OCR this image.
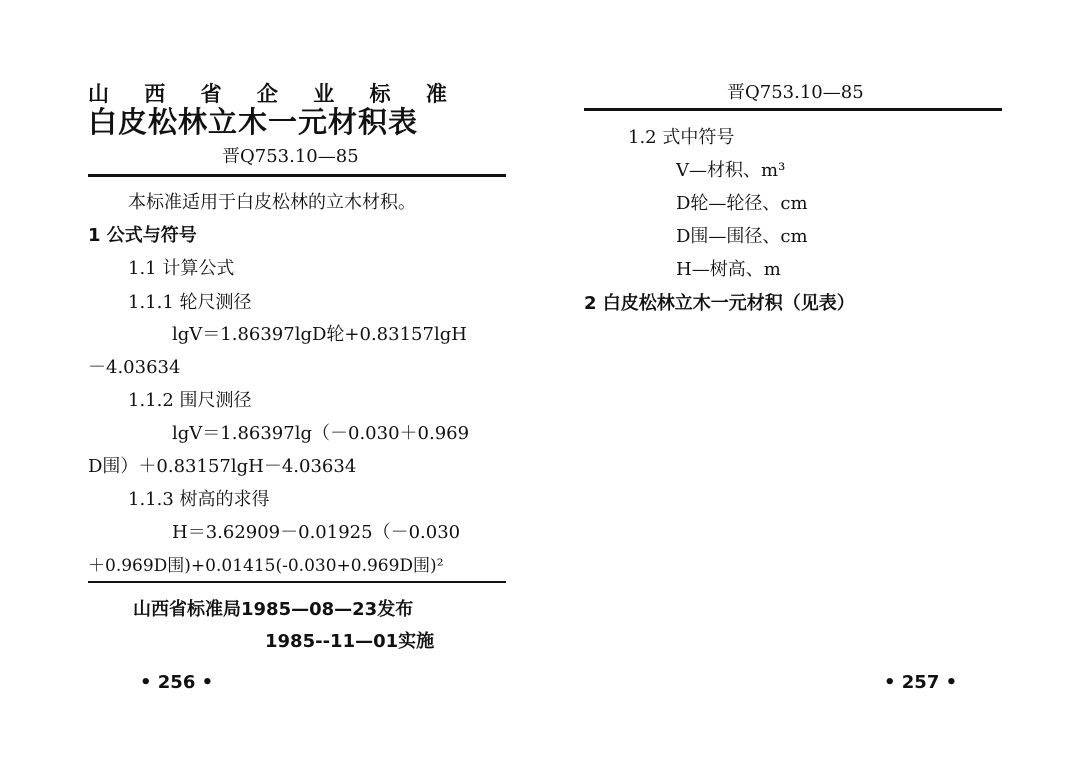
山 西 省 企 业 标 准
白皮松林立木一元材积表
晋Q753.10—85
本标准适用于白皮松林的立木材积。
1 公式与符号
1.1 计算公式
1.1.1 轮尺测径
lgV＝1.86397lgD轮+0.83157lgH
－4.03634
1.1.2 围尺测径
lgV＝1.86397lg（－0.030＋0.969
D围）＋0.83157lgH－4.03634
1.1.3 树高的求得
H＝3.62909－0.01925（－0.030
＋0.969D围)+0.01415(-0.030+0.969D围)²
山西省标准局1985—08—23发布
1985--11—01实施
• 256 •
晋Q753.10—85
1.2 式中符号
V—材积、m³
D轮—轮径、cm
D围—围径、cm
H—树高、m
2 白皮松林立木一元材积（见表）
• 257 •
